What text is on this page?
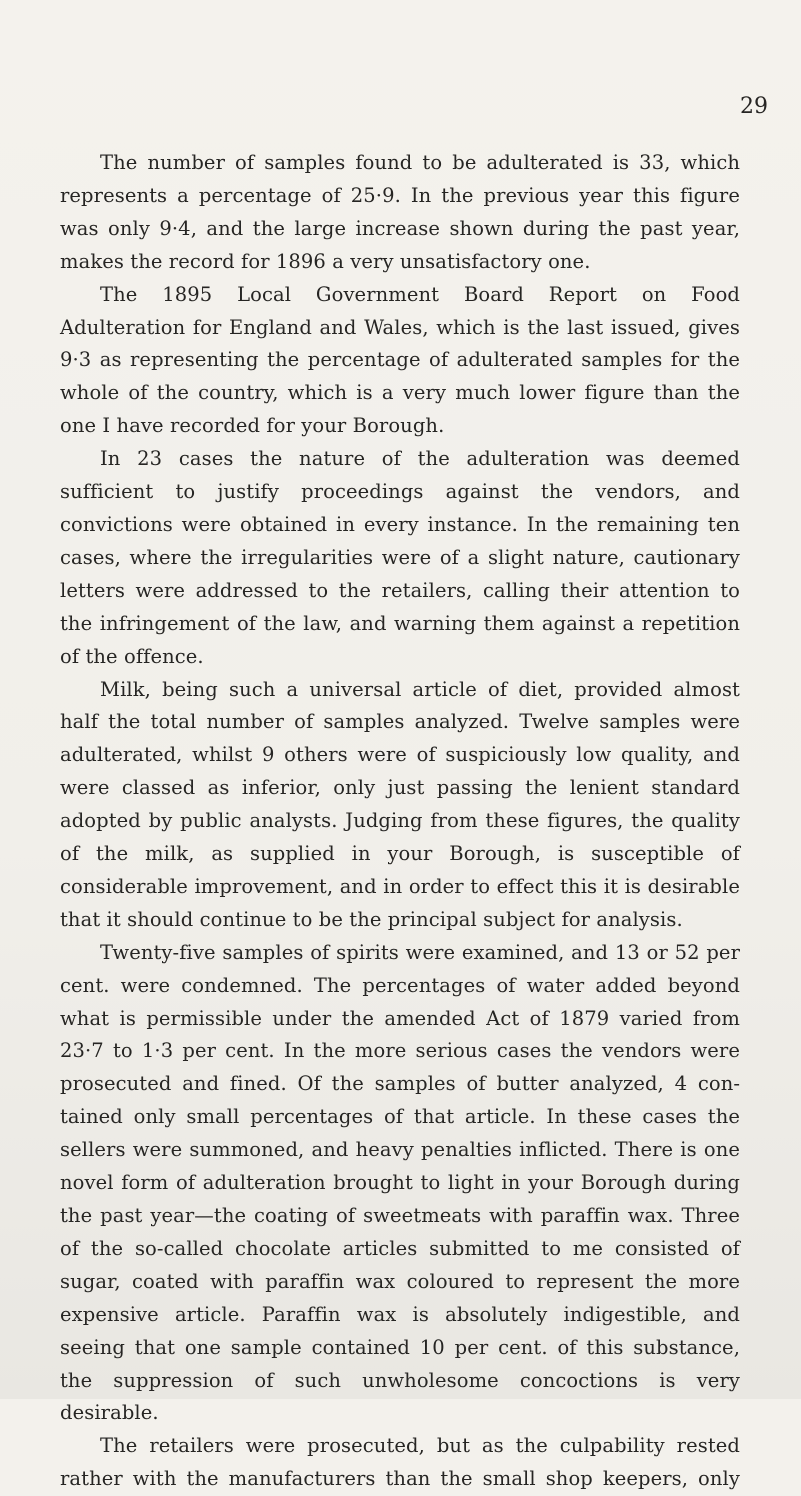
29

The number of samples found to be adulterated is 33, which represents a percentage of 25·9. In the previous year this figure was only 9·4, and the large increase shown during the past year, makes the record for 1896 a very unsatisfactory one.

The 1895 Local Government Board Report on Food Adulteration for England and Wales, which is the last issued, gives 9·3 as representing the percentage of adulterated samples for the whole of the country, which is a very much lower figure than the one I have recorded for your Borough.

In 23 cases the nature of the adulteration was deemed sufficient to justify proceedings against the vendors, and convictions were obtained in every instance. In the remaining ten cases, where the irregularities were of a slight nature, cautionary letters were addressed to the retailers, calling their attention to the infringement of the law, and warning them against a repetition of the offence.

Milk, being such a universal article of diet, provided almost half the total number of samples analyzed. Twelve samples were adulterated, whilst 9 others were of suspiciously low quality, and were classed as inferior, only just passing the lenient standard adopted by public analysts. Judging from these figures, the quality of the milk, as supplied in your Borough, is susceptible of considerable improvement, and in order to effect this it is desirable that it should continue to be the principal subject for analysis.

Twenty-five samples of spirits were examined, and 13 or 52 per cent. were condemned. The percentages of water added beyond what is permissible under the amended Act of 1879 varied from 23·7 to 1·3 per cent. In the more serious cases the vendors were prosecuted and fined. Of the samples of butter analyzed, 4 contained only small percentages of that article. In these cases the sellers were summoned, and heavy penalties inflicted. There is one novel form of adulteration brought to light in your Borough during the past year—the coating of sweetmeats with paraffin wax. Three of the so-called chocolate articles submitted to me consisted of sugar, coated with paraffin wax coloured to represent the more expensive article. Paraffin wax is absolutely indigestible, and seeing that one sample contained 10 per cent. of this substance, the suppression of such unwholesome concoctions is very desirable.

The retailers were prosecuted, but as the culpability rested rather with the manufacturers than the small shop keepers, only
